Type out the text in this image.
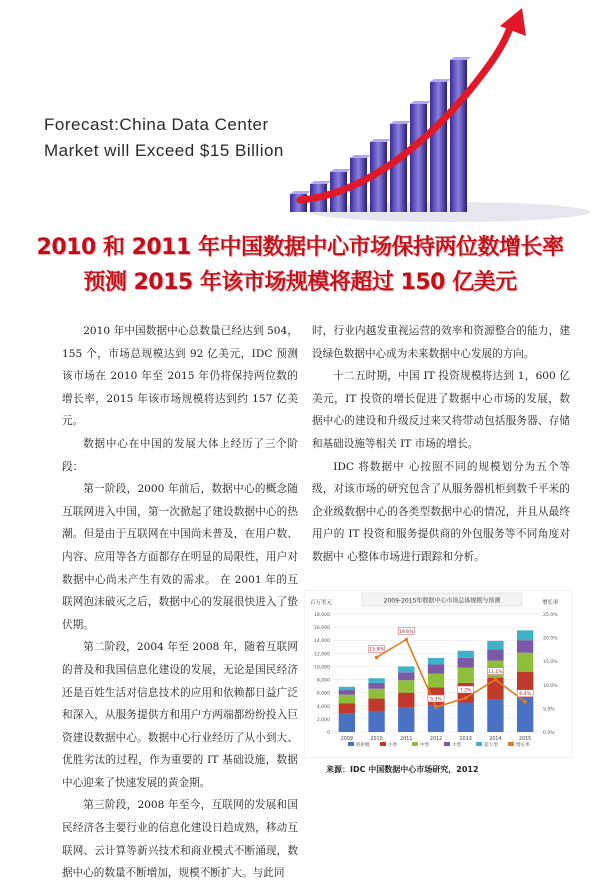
Forecast:China Data Center
Market will Exceed $15 Billion
2010 和 2011 年中国数据中心市场保持两位数增长率
预测 2015 年该市场规模将超过 150 亿美元

2010 年中国数据中心总数量已经达到 504，155 个，市场总规模达到 92 亿美元，IDC 预测该市场在 2010 年至 2015 年仍将保持两位数的增长率，2015 年该市场规模将达到约 157 亿美元。

数据中心在中国的发展大体上经历了三个阶段：

第一阶段，2000 年前后，数据中心的概念随互联网进入中国，第一次掀起了建设数据中心的热潮。但是由于互联网在中国尚未普及，在用户数、内容、应用等各方面都存在明显的局限性，用户对数据中心尚未产生有效的需求。 在 2001 年的互联网泡沫破灭之后，数据中心的发展很快进入了蛰伏期。

第二阶段，2004 年至 2008 年，随着互联网的普及和我国信息化建设的发展，无论是国民经济还是百姓生活对信息技术的应用和依赖都日益广泛和深入，从服务提供方和用户方两端都纷纷投入巨资建设数据中心。数据中心行业经历了从小到大、优胜劣汰的过程，作为重要的 IT 基础设施，数据中心迎来了快速发展的黄金期。

第三阶段，2008 年至今，互联网的发展和国民经济各主要行业的信息化建设日趋成熟，移动互联网、云计算等新兴技术和商业模式不断涌现，数据中心的数量不断增加，规模不断扩大。与此同

时，行业内越发重视运营的效率和资源整合的能力，建设绿色数据中心成为未来数据中心发展的方向。

十二五时期，中国 IT 投资规模将达到 1，600 亿美元，IT 投资的增长促进了数据中心市场的发展，数据中心的建设和升级反过来又将带动包括服务器、存储和基础设施等相关 IT 市场的增长。

IDC 将数据中 心按照不同的规模划分为五个等级，对该市场的研究包含了从服务器机柜到数千平米的企业级数据中心的各类型数据中心的情况，并且从最终用户的 IT 投资和服务提供商的外包服务等不同角度对数据中 心整体市场进行跟踪和分析。

2009-2015年数据中心市场总体规模与预测
百万美元	增长率
15.8%
19.6%
5.3%
7.2%
11.1%
6.4%
0
2,000
4,000
6,000
8,000
10,000
12,000
14,000
16,000
18,000
0.0%
5.0%
10.0%
15.0%
20.0%
25.0%
2009	2010	2011	2012	2013	2014	2015
机柜级	小型	中型	大型	超大型	增长率
来源：IDC 中国数据中心市场研究，2012
